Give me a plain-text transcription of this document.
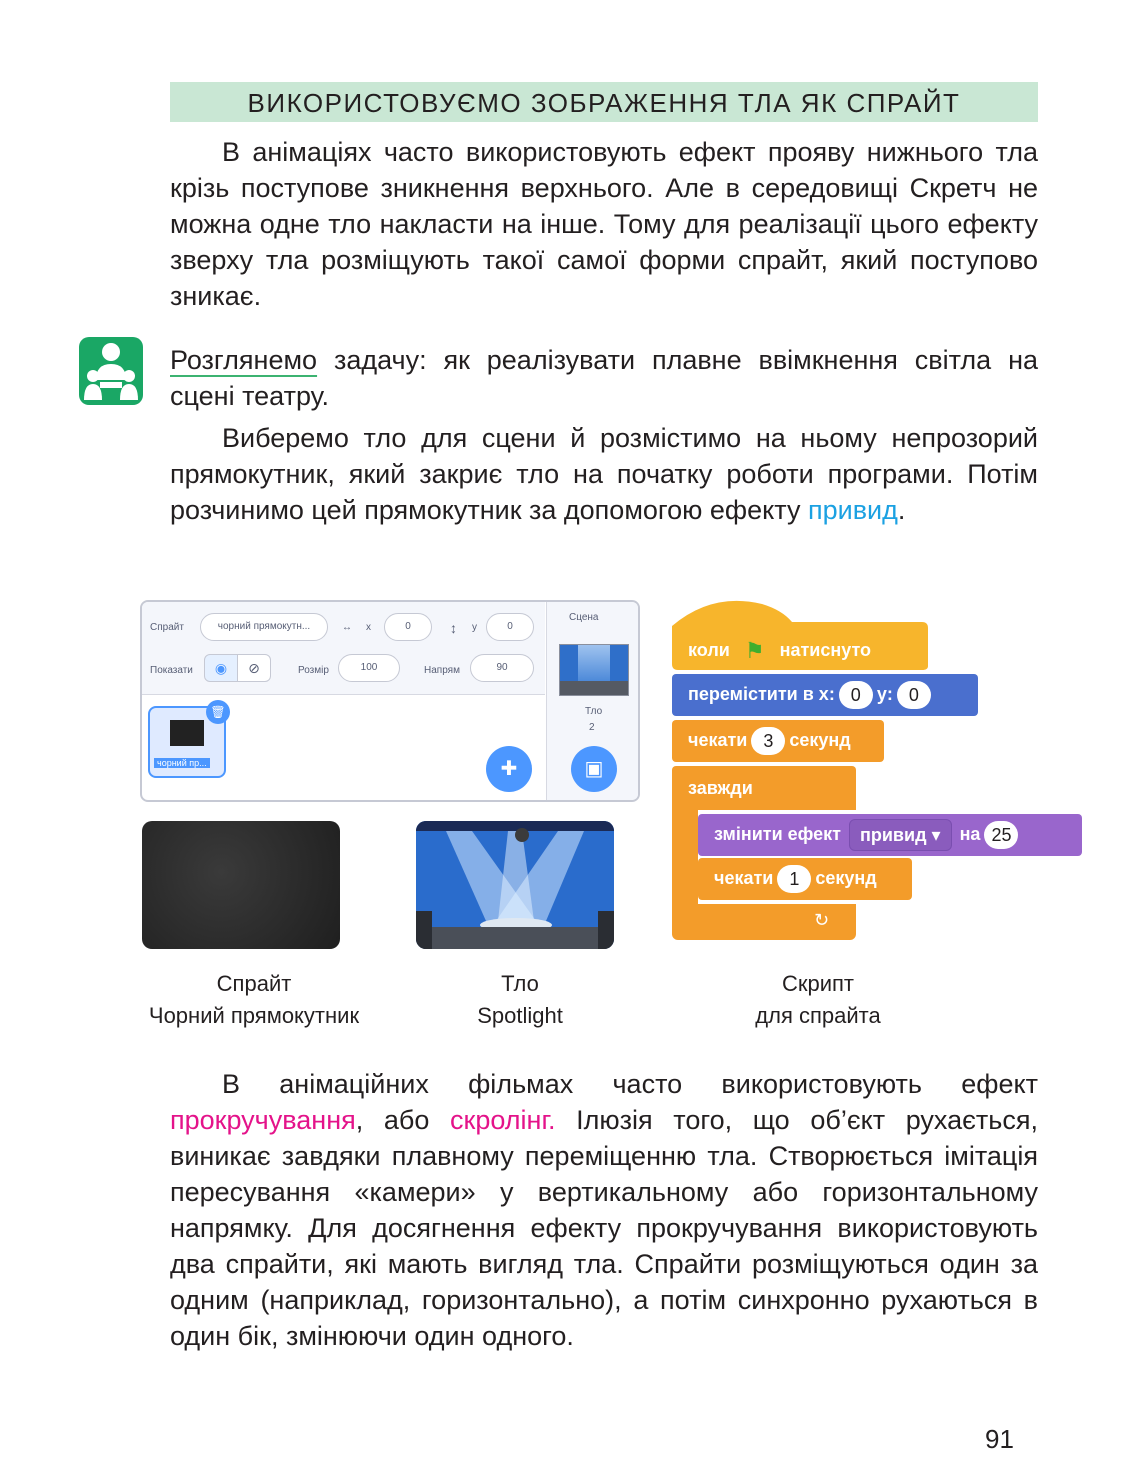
ВИКОРИСТОВУЄМО ЗОБРАЖЕННЯ ТЛА ЯК СПРАЙТ

В анімаціях часто використовують ефект прояву нижнього тла крізь поступове зникнення верхнього. Але в середовищі Скретч не можна одне тло накласти на інше. Тому для реалізації цього ефекту зверху тла розміщують такої самої форми спрайт, який поступово зникає.

Розглянемо задачу: як реалізувати плавне ввімкнення світла на сцені театру.

Виберемо тло для сцени й розмістимо на ньому непрозорий прямокутник, який закриє тло на початку роботи програми. Потім розчинимо цей прямокутник за допомогою ефекту привид.

Спрайт	чорний прямокутн...	↔ x	0	↕ y	0
Показати	◉	⊘	Розмір	100	Напрям	90
чорний пр...
🗑
✚
Сцена
Тло
2
▣
коли ⚑ натиснуто
перемістити в x: 0 y: 0
чекати 3 секунд
завжди
↻
змінити ефект привид ▾ на 25
чекати 1 секунд
Спрайт
Чорний прямокутник
Тло
Spotlight
Скрипт
для спрайта

В анімаційних фільмах часто використовують ефект прокручування, або скролінг. Ілюзія того, що об’єкт рухається, виникає завдяки плавному переміщенню тла. Створюється імітація пересування «камери» у вертикальному або горизонтальному напрямку. Для досягнення ефекту прокручування використовують два спрайти, які мають вигляд тла. Спрайти розміщуються один за одним (наприклад, горизонтально), а потім синхронно рухаються в один бік, змінюючи один одного.

91
